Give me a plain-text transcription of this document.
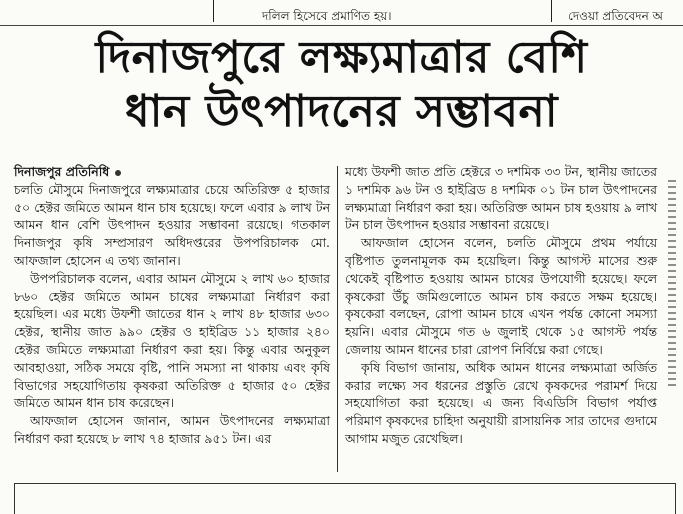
দলিল হিসেবে প্রমাণিত হয়।	দেওয়া প্রতিবেদন অ
দিনাজপুরে লক্ষ্যমাত্রার বেশি
ধান উৎপাদনের সম্ভাবনা

দিনাজপুর প্রতিনিধি

চলতি মৌসুমে দিনাজপুরে লক্ষ্যমাত্রার চেয়ে অতিরিক্ত ৫ হাজার ৫০ হেক্টর জমিতে আমন ধান চাষ হয়েছে। ফলে এবার ৯ লাখ টন আমন ধান বেশি উৎপাদন হওয়ার সম্ভাবনা রয়েছে। গতকাল দিনাজপুর কৃষি সম্প্রসারণ অধিদপ্তরের উপপরিচালক মো. আফজাল হোসেন এ তথ্য জানান।

উপপরিচালক বলেন, এবার আমন মৌসুমে ২ লাখ ৬০ হাজার ৮৬০ হেক্টর জমিতে আমন চাষের লক্ষ্যমাত্রা নির্ধারণ করা হয়েছিল। এর মধ্যে উফশী জাতের ধান ২ লাখ ৪৮ হাজার ৬৩০ হেক্টর, স্থানীয় জাত ৯৯০ হেক্টর ও হাইব্রিড ১১ হাজার ২৪০ হেক্টর জমিতে লক্ষ্যমাত্রা নির্ধারণ করা হয়। কিন্তু এবার অনুকূল আবহাওয়া, সঠিক সময়ে বৃষ্টি, পানি সমস্যা না থাকায় এবং কৃষি বিভাগের সহযোগিতায় কৃষকরা অতিরিক্ত ৫ হাজার ৫০ হেক্টর জমিতে আমন ধান চাষ করেছেন।

আফজাল হোসেন জানান, আমন উৎপাদনের লক্ষ্যমাত্রা নির্ধারণ করা হয়েছে ৮ লাখ ৭৪ হাজার ৯৫১ টন। এর

মধ্যে উফশী জাত প্রতি হেক্টরে ৩ দশমিক ৩৩ টন, স্থানীয় জাতের ১ দশমিক ৯৬ টন ও হাইব্রিড ৪ দশমিক ০১ টন চাল উৎপাদনের লক্ষ্যমাত্রা নির্ধারণ করা হয়। অতিরিক্ত আমন চাষ হওয়ায় ৯ লাখ টন চাল উৎপাদন হওয়ার সম্ভাবনা রয়েছে।

আফজাল হোসেন বলেন, চলতি মৌসুমে প্রথম পর্যায়ে বৃষ্টিপাত তুলনামূলক কম হয়েছিল। কিন্তু আগস্ট মাসের শুরু থেকেই বৃষ্টিপাত হওয়ায় আমন চাষের উপযোগী হয়েছে। ফলে কৃষকেরা উঁচু জমিগুলোতে আমন চাষ করতে সক্ষম হয়েছে। কৃষকেরা বলছেন, রোপা আমন চাষে এখন পর্যন্ত কোনো সমস্যা হয়নি। এবার মৌসুমে গত ৬ জুলাই থেকে ১৫ আগস্ট পর্যন্ত জেলায় আমন ধানের চারা রোপণ নির্বিঘ্নে করা গেছে।

কৃষি বিভাগ জানায়, অধিক আমন ধানের লক্ষ্যমাত্রা অর্জিত করার লক্ষ্যে সব ধরনের প্রস্তুতি রেখে কৃষকদের পরামর্শ দিয়ে সহযোগিতা করা হয়েছে। এ জন্য বিএডিসি বিভাগ পর্যাপ্ত পরিমাণ কৃষকদের চাহিদা অনুযায়ী রাসায়নিক সার তাদের গুদামে আগাম মজুত রেখেছিল।
